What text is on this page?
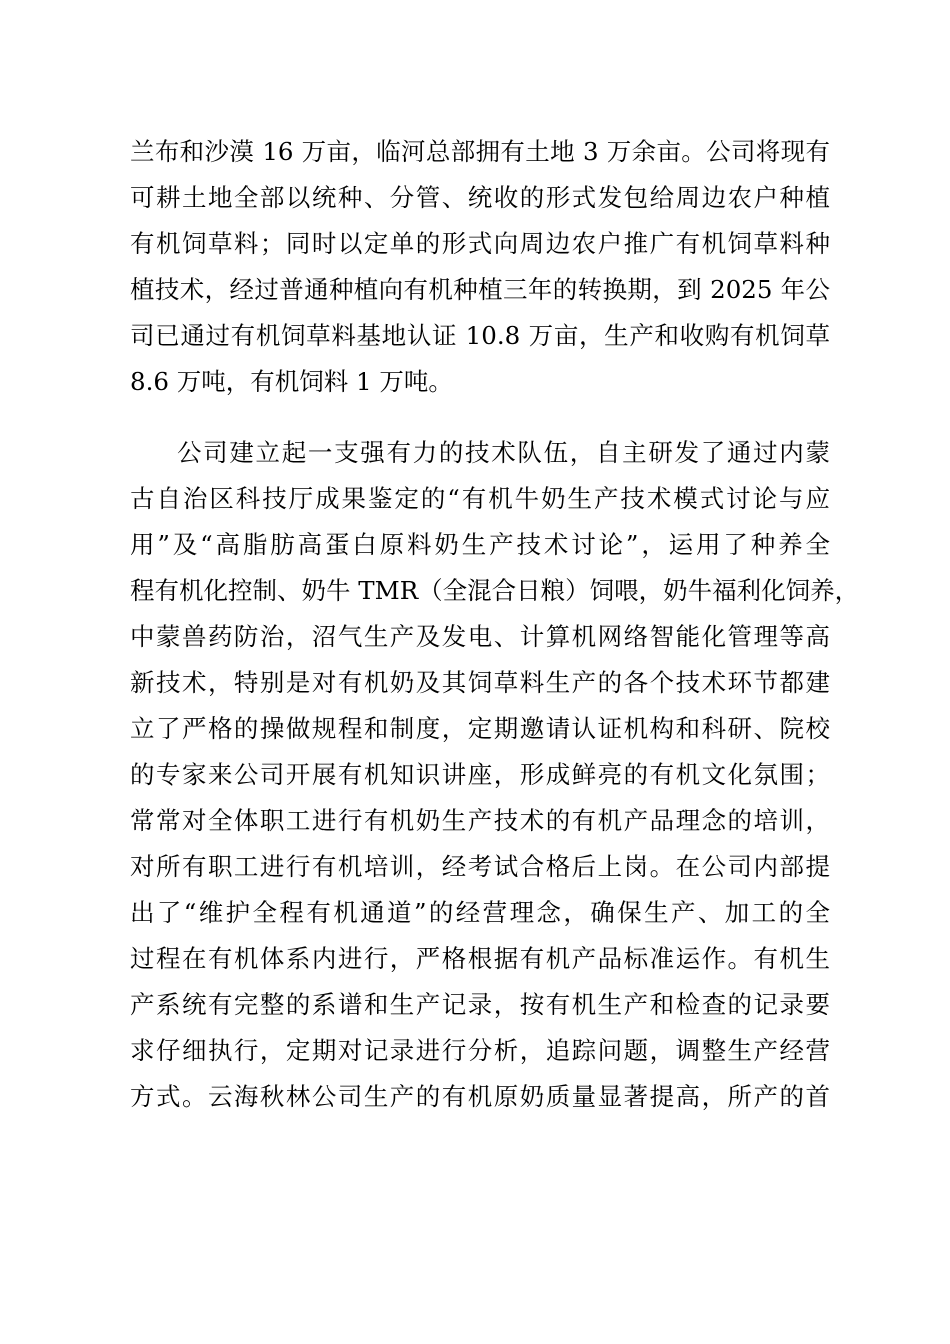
兰布和沙漠 16 万亩，临河总部拥有土地 3 万余亩。公司将现有
可耕土地全部以统种、分管、统收的形式发包给周边农户种植
有机饲草料；同时以定单的形式向周边农户推广有机饲草料种
植技术，经过普通种植向有机种植三年的转换期，到 2025 年公
司已通过有机饲草料基地认证 10.8 万亩，生产和收购有机饲草
8.6 万吨，有机饲料 1 万吨。
公司建立起一支强有力的技术队伍，自主研发了通过内蒙
古自治区科技厅成果鉴定的“有机牛奶生产技术模式讨论与应
用”及“高脂肪高蛋白原料奶生产技术讨论”，运用了种养全
程有机化控制、奶牛 TMR（全混合日粮）饲喂，奶牛福利化饲养，
中蒙兽药防治，沼气生产及发电、计算机网络智能化管理等高
新技术，特别是对有机奶及其饲草料生产的各个技术环节都建
立了严格的操做规程和制度，定期邀请认证机构和科研、院校
的专家来公司开展有机知识讲座，形成鲜亮的有机文化氛围；
常常对全体职工进行有机奶生产技术的有机产品理念的培训，
对所有职工进行有机培训，经考试合格后上岗。在公司内部提
出了“维护全程有机通道”的经营理念，确保生产、加工的全
过程在有机体系内进行，严格根据有机产品标准运作。有机生
产系统有完整的系谱和生产记录，按有机生产和检查的记录要
求仔细执行，定期对记录进行分析，追踪问题，调整生产经营
方式。云海秋林公司生产的有机原奶质量显著提高，所产的首
